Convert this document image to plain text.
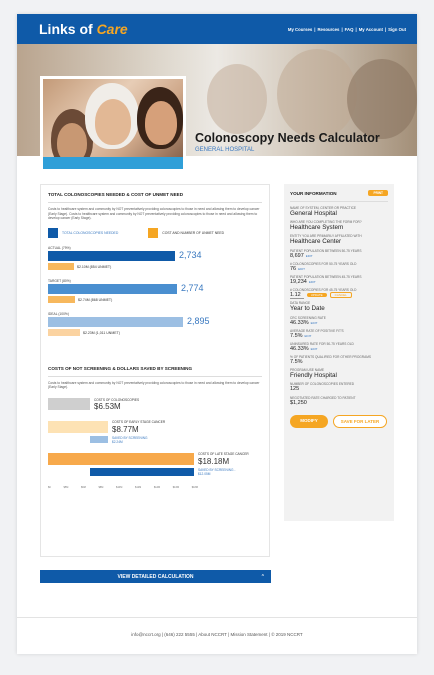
Links of Care	My Courses | Resources | FAQ | My Account | Sign Out
Colonoscopy Needs Calculator
GENERAL HOSPITAL
TOTAL COLONOSCOPIES NEEDED & COST OF UNMET NEED
Costs to healthcare system and community by NOT preventatively providing colonoscopies to those in need and allowing them to develop cancer (Early Stage). Costs to healthcare system and community by NOT preventatively providing colonoscopies to those in need and allowing them to develop cancer (Early Stage).
TOTAL COLONOSCOPIES NEEDED	COST AND NUMBER OF UNMET NEED
ACTUAL (79%)
2,734
$2.10M (854 UNMET)
TARGET (80%)
2,774
$2.74M (868 UNMET)
IDEAL (100%)
2,895
$2.23M (1,011 UNMET)
COSTS OF NOT SCREENING & DOLLARS SAVED BY SCREENING
Costs to healthcare system and community by NOT preventatively providing colonoscopies to those in need and allowing them to develop cancer (Early Stage).
COSTS OF COLONOSCOPIES
$6.53M
COSTS OF EARLY STAGE CANCER
$8.77M
SAVED BY SCREENING
$2.24M
COSTS OF LATE STAGE CANCER
$18.18M
SAVED BY SCREENING -
$12.05M
$0	$5M	$6M	$8M	$10M	$12M	$14M	$16M	$18M
YOUR INFORMATION	PRINT
NAME OF SYSTEM, CENTER OR PRACTICE
General Hospital
WHO ARE YOU COMPLETING THE FORM FOR?
Healthcare System
ENTITY YOU ARE PRIMARILY AFFILIATED WITH
Healthcare Center
PATIENT POPULATION BETWEEN 50-75 YEARS
8,697 EDIT
# COLONOSCOPIES FOR 50-75 YEARS OLD
76 EDIT
PATIENT POPULATION BETWEEN 45-75 YEARS
19,234 EDIT
# COLONOSCOPIES FOR 45-75 YEARS OLD
1.12	UPDATE	CANCEL
DATA RANGE
Year to Date
CRC SCREENING RATE
46.33% EDIT
AVERAGE RATE OF POSITIVE FIT'S
7.5% EDIT
UNINSURED RATE FOR 50-75 YEARS OLD
46.33% EDIT
% OF PATIENTS QUALIFIED FOR OTHER PROGRAMS
7.5%
PROGRAM USE NAME
Friendly Hospital
NUMBER OF COLONOSCOPIES ENTERED
125
NEGOTIATED RATE CHARGED TO PATIENT
$1,250
MODIFY	SAVE FOR LATER
VIEW DETAILED CALCULATION	⌃
info@nccrt.org | (646) 222 5555 | About NCCRT | Mission Statement | © 2019 NCCRT
